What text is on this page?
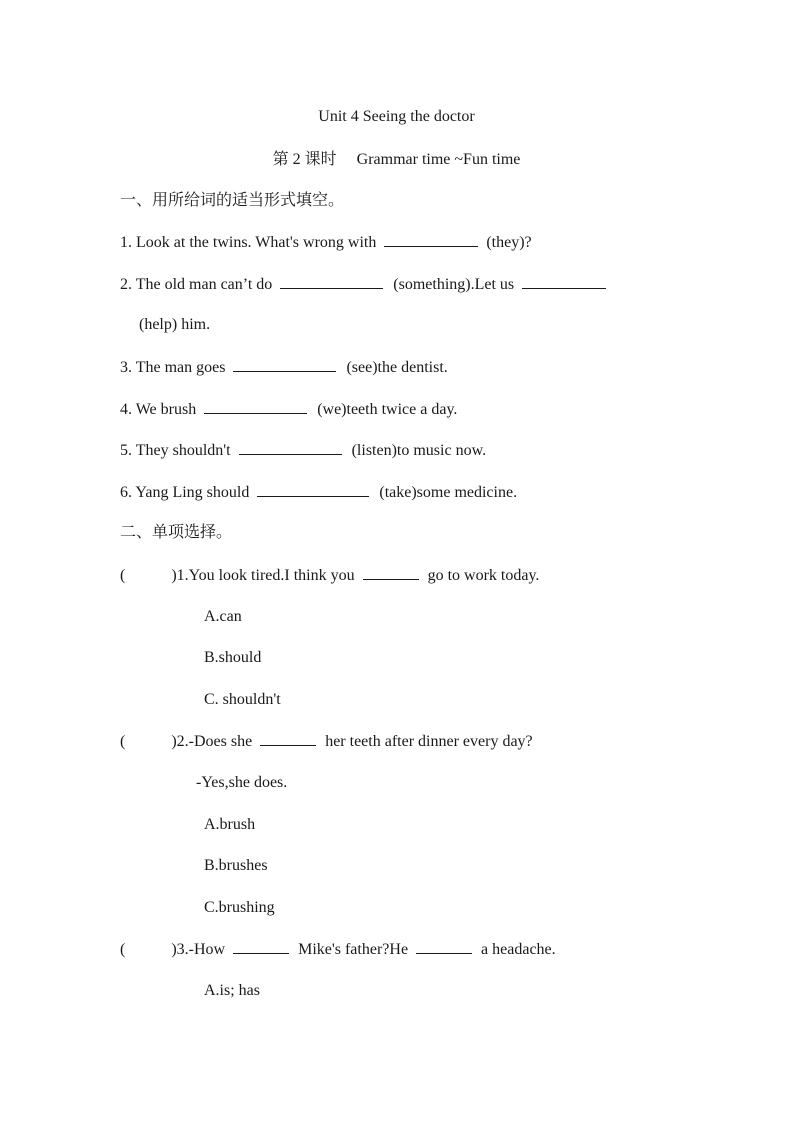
Unit 4 Seeing the doctor
第 2 课时 Grammar time ~Fun time
一、用所给词的适当形式填空。
1. Look at the twins. What's wrong with	(they)?
2. The old man can’t do	(something).Let us
(help) him.
3. The man goes	(see)the dentist.
4. We brush	(we)teeth twice a day.
5. They shouldn't	(listen)to music now.
6. Yang Ling should	(take)some medicine.
二、单项选择。
(	)1.You look tired.I think you	go to work today.
A.can
B.should
C. shouldn't
(	)2.-Does she	her teeth after dinner every day?
-Yes,she does.
A.brush
B.brushes
C.brushing
(	)3.-How	Mike's father?He	a headache.
A.is; has
